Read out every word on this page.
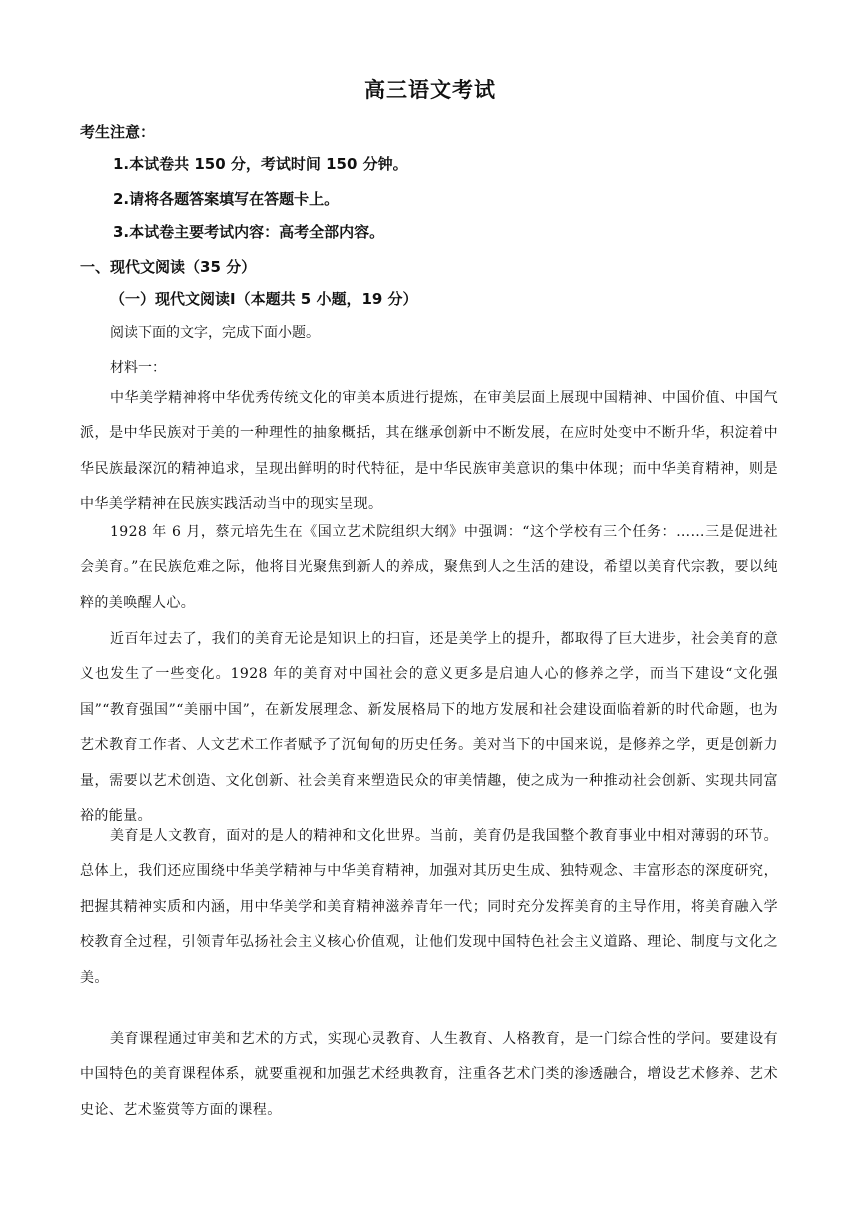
高三语文考试
考生注意：
1.本试卷共 150 分，考试时间 150 分钟。
2.请将各题答案填写在答题卡上。
3.本试卷主要考试内容：高考全部内容。
一、现代文阅读（35 分）
（一）现代文阅读Ⅰ（本题共 5 小题，19 分）
阅读下面的文字，完成下面小题。
材料一：

中华美学精神将中华优秀传统文化的审美本质进行提炼，在审美层面上展现中国精神、中国价值、中国气派，是中华民族对于美的一种理性的抽象概括，其在继承创新中不断发展，在应时处变中不断升华，积淀着中华民族最深沉的精神追求，呈现出鲜明的时代特征，是中华民族审美意识的集中体现；而中华美育精神，则是中华美学精神在民族实践活动当中的现实呈现。

1928 年 6 月，蔡元培先生在《国立艺术院组织大纲》中强调：“这个学校有三个任务：……三是促进社会美育。”在民族危难之际，他将目光聚焦到新人的养成，聚焦到人之生活的建设，希望以美育代宗教，要以纯粹的美唤醒人心。

近百年过去了，我们的美育无论是知识上的扫盲，还是美学上的提升，都取得了巨大进步，社会美育的意义也发生了一些变化。1928 年的美育对中国社会的意义更多是启迪人心的修养之学，而当下建设“文化强国”“教育强国”“美丽中国”，在新发展理念、新发展格局下的地方发展和社会建设面临着新的时代命题，也为艺术教育工作者、人文艺术工作者赋予了沉甸甸的历史任务。美对当下的中国来说，是修养之学，更是创新力量，需要以艺术创造、文化创新、社会美育来塑造民众的审美情趣，使之成为一种推动社会创新、实现共同富裕的能量。

美育是人文教育，面对的是人的精神和文化世界。当前，美育仍是我国整个教育事业中相对薄弱的环节。总体上，我们还应围绕中华美学精神与中华美育精神，加强对其历史生成、独特观念、丰富形态的深度研究，把握其精神实质和内涵，用中华美学和美育精神滋养青年一代；同时充分发挥美育的主导作用，将美育融入学校教育全过程，引领青年弘扬社会主义核心价值观，让他们发现中国特色社会主义道路、理论、制度与文化之美。

美育课程通过审美和艺术的方式，实现心灵教育、人生教育、人格教育，是一门综合性的学问。要建设有中国特色的美育课程体系，就要重视和加强艺术经典教育，注重各艺术门类的渗透融合，增设艺术修养、艺术史论、艺术鉴赏等方面的课程。
